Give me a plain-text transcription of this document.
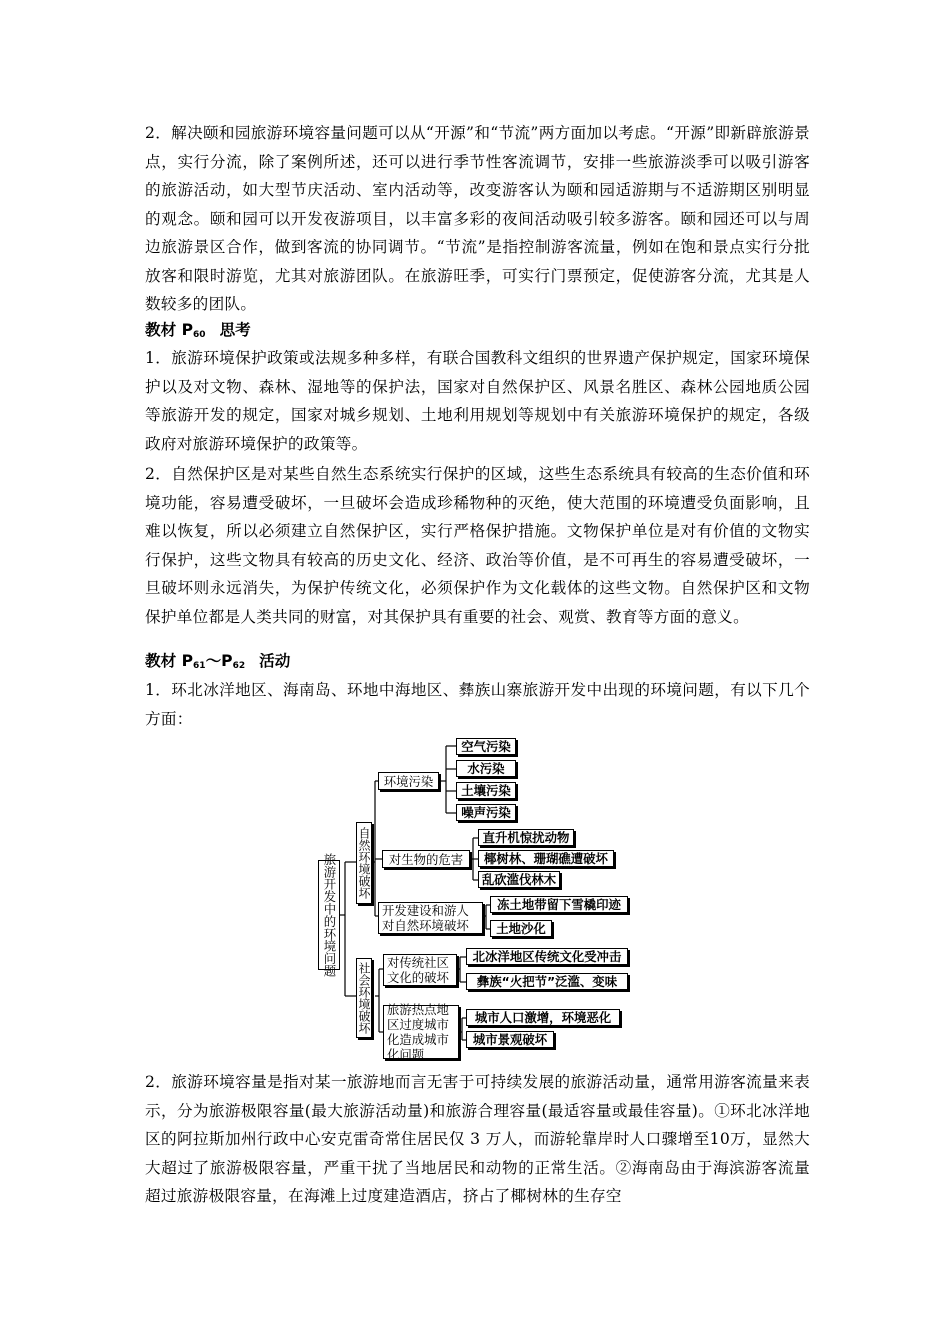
2．解决颐和园旅游环境容量问题可以从“开源”和“节流”两方面加以考虑。“开源”即新辟旅游景点，实行分流，除了案例所述，还可以进行季节性客流调节，安排一些旅游淡季可以吸引游客的旅游活动，如大型节庆活动、室内活动等，改变游客认为颐和园适游期与不适游期区别明显的观念。颐和园可以开发夜游项目，以丰富多彩的夜间活动吸引较多游客。颐和园还可以与周边旅游景区合作，做到客流的协同调节。“节流”是指控制游客流量，例如在饱和景点实行分批放客和限时游览，尤其对旅游团队。在旅游旺季，可实行门票预定，促使游客分流，尤其是人数较多的团队。

教材 $P_{60}$ 思考

1．旅游环境保护政策或法规多种多样，有联合国教科文组织的世界遗产保护规定，国家环境保护以及对文物、森林、湿地等的保护法，国家对自然保护区、风景名胜区、森林公园地质公园等旅游开发的规定，国家对城乡规划、土地利用规划等规划中有关旅游环境保护的规定，各级政府对旅游环境保护的政策等。

2．自然保护区是对某些自然生态系统实行保护的区域，这些生态系统具有较高的生态价值和环境功能，容易遭受破坏，一旦破坏会造成珍稀物种的灭绝，使大范围的环境遭受负面影响，且难以恢复，所以必须建立自然保护区，实行严格保护措施。文物保护单位是对有价值的文物实行保护，这些文物具有较高的历史文化、经济、政治等价值，是不可再生的容易遭受破坏，一旦破坏则永远消失，为保护传统文化，必须保护作为文化载体的这些文物。自然保护区和文物保护单位都是人类共同的财富，对其保护具有重要的社会、观赏、教育等方面的意义。

教材 $P_{61}\sim P_{62}$ 活动

1．环北冰洋地区、海南岛、环地中海地区、彝族山寨旅游开发中出现的环境问题，有以下几个方面：

旅游开发中的环境问题 自然环境破坏
社会环境破坏
环境污染
空气污染
水污染
土壤污染
噪声污染
对生物的危害
直升机惊扰动物
椰树林、珊瑚礁遭破坏
乱砍滥伐林木
开发建设和游人对自然环境破坏
冻土地带留下雪橇印迹
土地沙化
对传统社区文化的破坏
北冰洋地区传统文化受冲击
彝族“火把节”泛滥、变味
旅游热点地区过度城市化造成城市化问题
城市人口激增，环境恶化
城市景观破坏

2．旅游环境容量是指对某一旅游地而言无害于可持续发展的旅游活动量，通常用游客流量来表示，分为旅游极限容量(最大旅游活动量)和旅游合理容量(最适容量或最佳容量)。①环北冰洋地区的阿拉斯加州行政中心安克雷奇常住居民仅 3 万人，而游轮靠岸时人口骤增至10万，显然大大超过了旅游极限容量，严重干扰了当地居民和动物的正常生活。②海南岛由于海滨游客流量超过旅游极限容量，在海滩上过度建造酒店，挤占了椰树林的生存空
